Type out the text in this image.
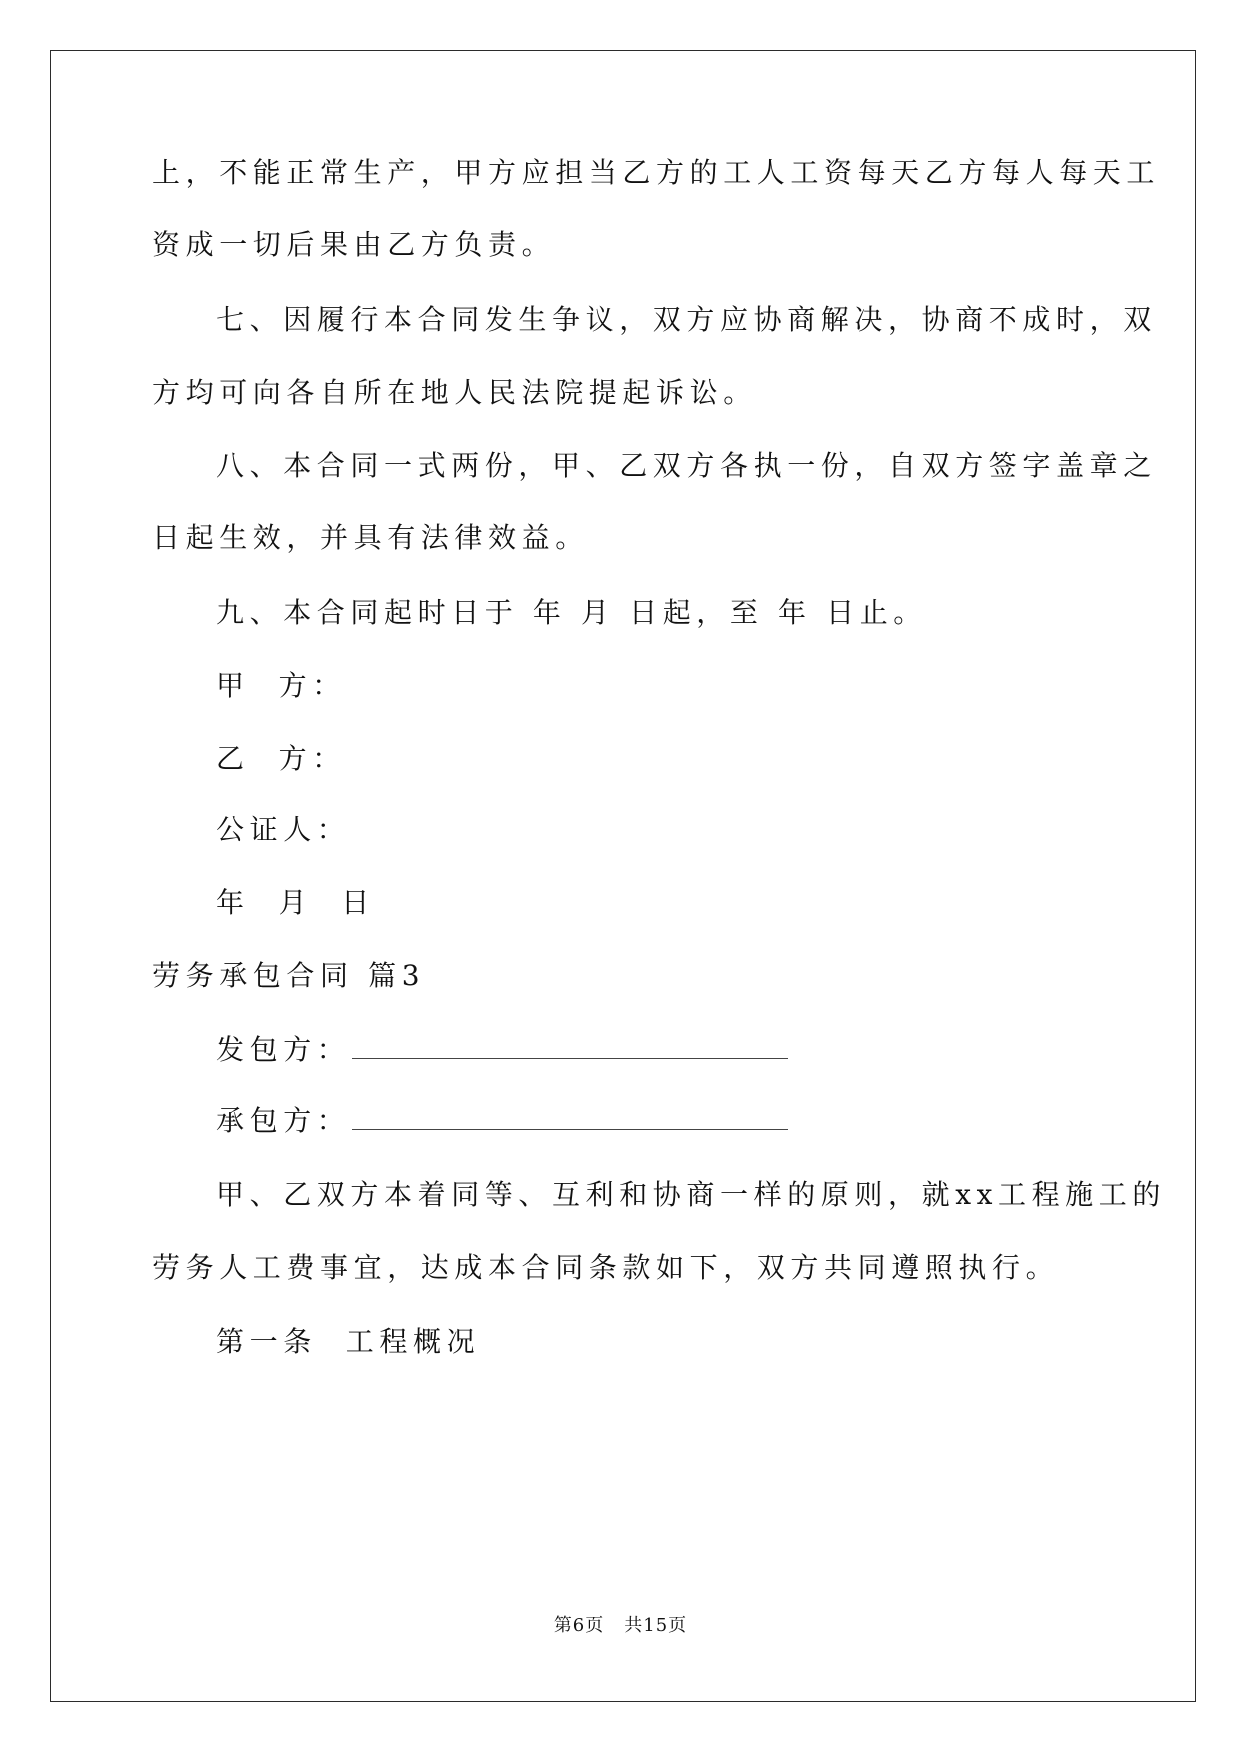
上，不能正常生产，甲方应担当乙方的工人工资每天乙方每人每天工
资成一切后果由乙方负责。
七、因履行本合同发生争议，双方应协商解决，协商不成时，双
方均可向各自所在地人民法院提起诉讼。
八、本合同一式两份，甲、乙双方各执一份，自双方签字盖章之
日起生效，并具有法律效益。
九、本合同起时日于 年 月 日起，至 年 日止。
甲  方：
乙  方：
公证人：
年  月  日
劳务承包合同 篇3
发包方：
承包方：
甲、乙双方本着同等、互利和协商一样的原则，就xx工程施工的
劳务人工费事宜，达成本合同条款如下，双方共同遵照执行。
第一条  工程概况
第6页 共15页
